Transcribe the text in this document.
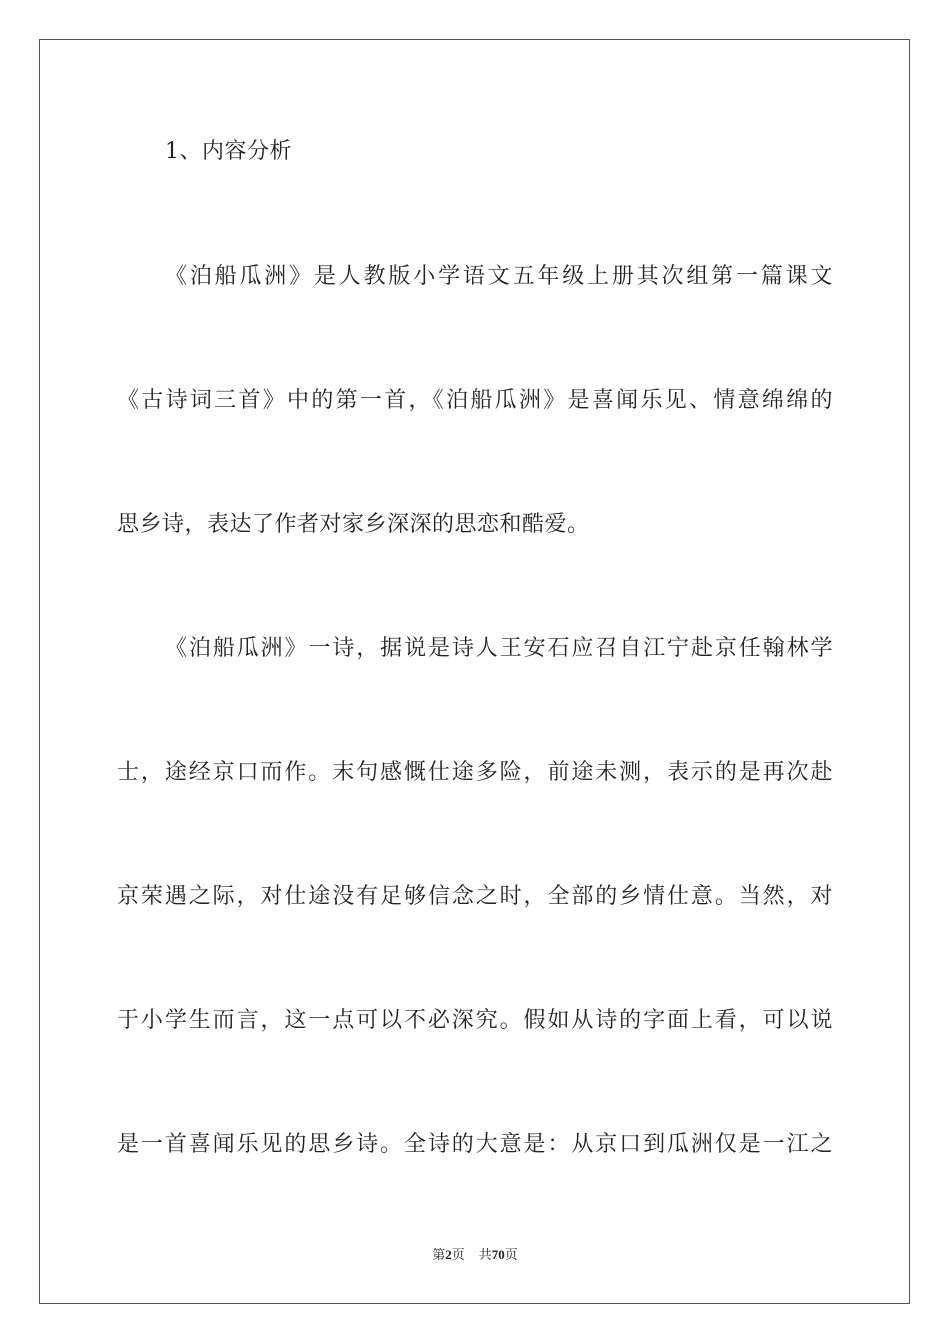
1、内容分析
《泊船瓜洲》是人教版小学语文五年级上册其次组第一篇课文
《古诗词三首》中的第一首，《泊船瓜洲》是喜闻乐见、情意绵绵的
思乡诗，表达了作者对家乡深深的思恋和酷爱。
《泊船瓜洲》一诗，据说是诗人王安石应召自江宁赴京任翰林学
士，途经京口而作。末句感慨仕途多险，前途未测，表示的是再次赴
京荣遇之际，对仕途没有足够信念之时，全部的乡情仕意。当然，对
于小学生而言，这一点可以不必深究。假如从诗的字面上看，可以说
是一首喜闻乐见的思乡诗。全诗的大意是：从京口到瓜洲仅是一江之
第2页 共70页
